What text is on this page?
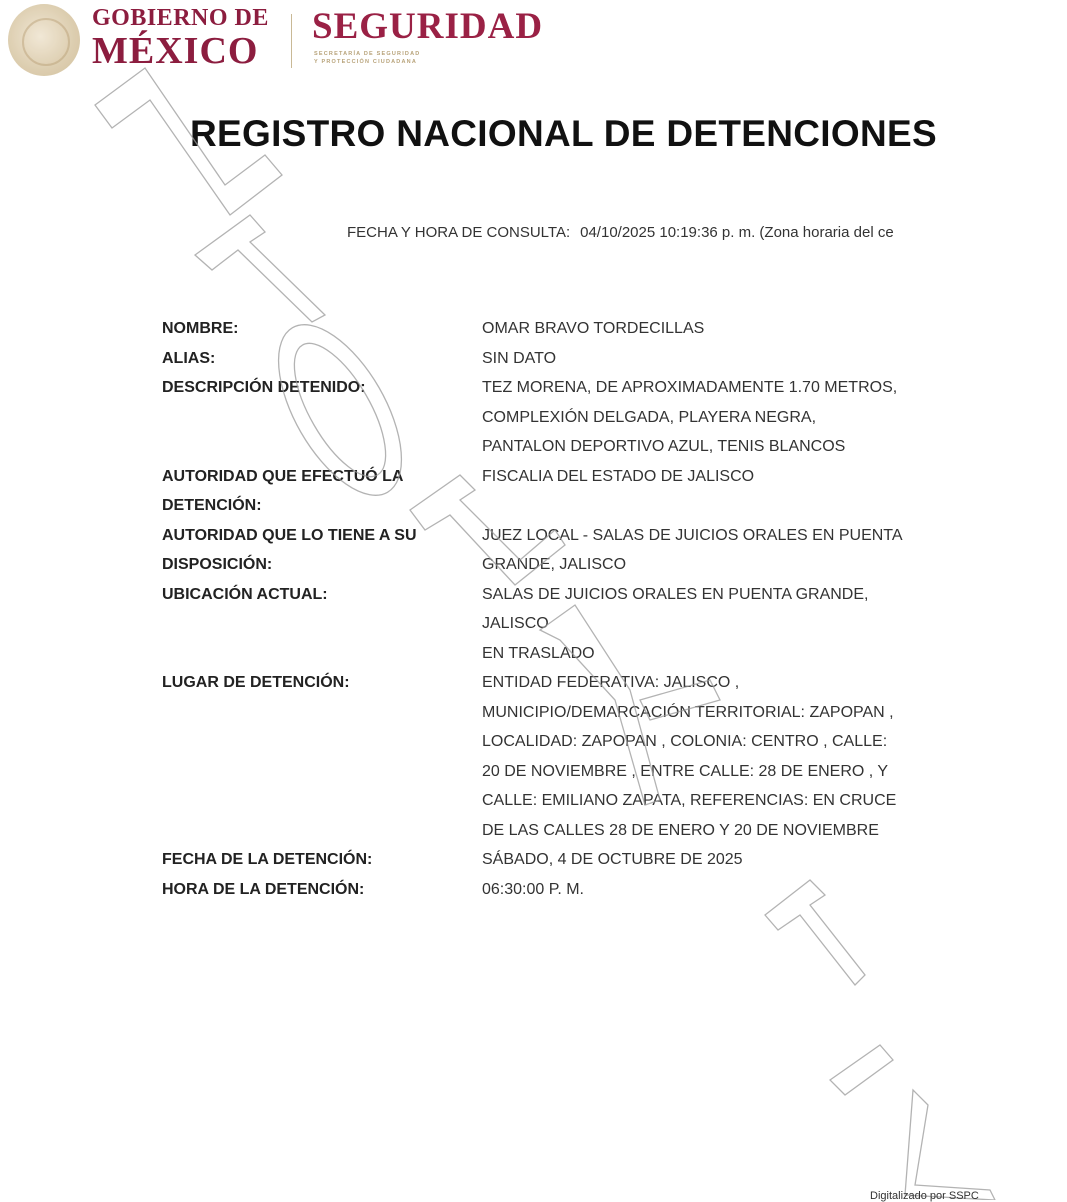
GOBIERNO DE
MÉXICO
SEGURIDAD
SECRETARÍA DE SEGURIDAD
Y PROTECCIÓN CIUDADANA
REGISTRO NACIONAL DE DETENCIONES
FECHA Y HORA DE CONSULTA: 04/10/2025 10:19:36 p. m. (Zona horaria del ce
NOMBRE:	OMAR BRAVO TORDECILLAS
ALIAS:	SIN DATO
DESCRIPCIÓN DETENIDO:	TEZ MORENA, DE APROXIMADAMENTE 1.70 METROS,
COMPLEXIÓN DELGADA, PLAYERA NEGRA,
PANTALON DEPORTIVO AZUL, TENIS BLANCOS
AUTORIDAD QUE EFECTUÓ LA DETENCIÓN:
FISCALIA DEL ESTADO DE JALISCO
AUTORIDAD QUE LO TIENE A SU DISPOSICIÓN:
JUEZ LOCAL - SALAS DE JUICIOS ORALES EN PUENTA
GRANDE, JALISCO
UBICACIÓN ACTUAL:	SALAS DE JUICIOS ORALES EN PUENTA GRANDE,
JALISCO
EN TRASLADO
LUGAR DE DETENCIÓN:	ENTIDAD FEDERATIVA: JALISCO ,
MUNICIPIO/DEMARCACIÓN TERRITORIAL: ZAPOPAN ,
LOCALIDAD: ZAPOPAN , COLONIA: CENTRO , CALLE:
20 DE NOVIEMBRE , ENTRE CALLE: 28 DE ENERO , Y
CALLE: EMILIANO ZAPATA, REFERENCIAS: EN CRUCE
DE LAS CALLES 28 DE ENERO Y 20 DE NOVIEMBRE
FECHA DE LA DETENCIÓN:	SÁBADO, 4 DE OCTUBRE DE 2025
HORA DE LA DETENCIÓN:	06:30:00 P. M.
Digitalizado por SSPC
